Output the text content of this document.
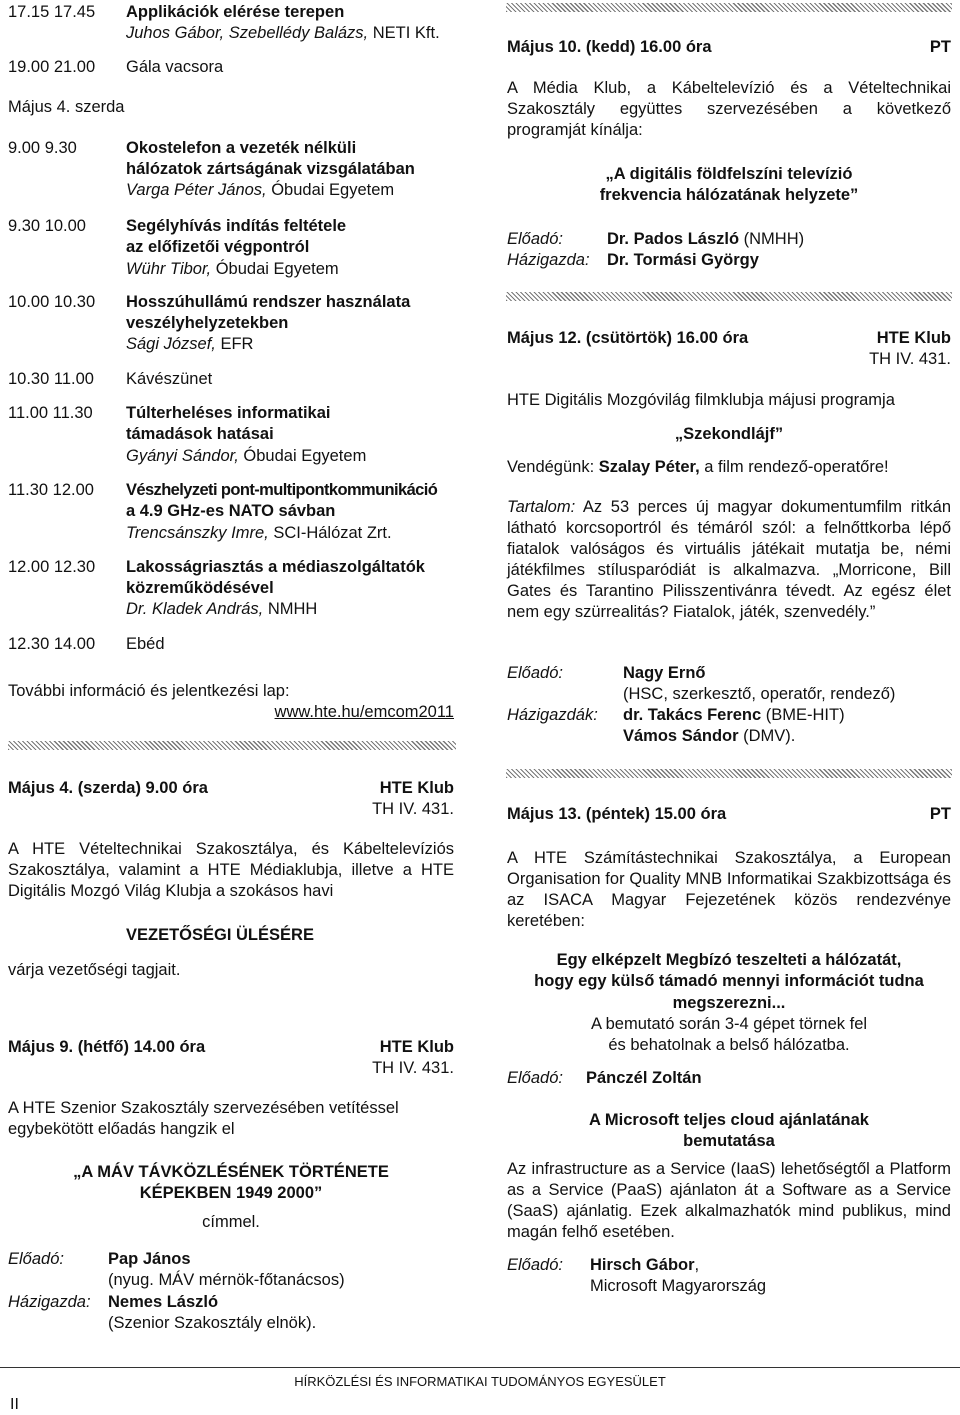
17.15 17.45 Applikációk elérése terepen
Juhos Gábor, Szebellédy Balázs, NETI Kft.
19.00 21.00 Gála vacsora
Május 4. szerda
9.00 9.30	Okostelefon a vezeték nélküli
hálózatok zártságának vizsgálatában
Varga Péter János, Óbudai Egyetem
9.30 10.00 Segélyhívás indítás feltétele
az előfizetői végpontról
Wühr Tibor, Óbudai Egyetem
10.00 10.30 Hosszúhullámú rendszer használata
veszélyhelyzetekben
Sági József, EFR
10.30 11.00 Kávészünet
11.00 11.30 Túlterheléses informatikai
támadások hatásai
Gyányi Sándor, Óbudai Egyetem
11.30 12.00 Vészhelyzeti pont-multipontkommunikáció
a 4.9 GHz-es NATO sávban
Trencsánszky Imre, SCI-Hálózat Zrt.
12.00 12.30 Lakosságriasztás a médiaszolgáltatók
közreműködésével
Dr. Kladek András, NMHH
12.30 14.00 Ebéd
További információ és jelentkezési lap:
www.hte.hu/emcom2011
Május 4. (szerda) 9.00 óra	HTE Klub
TH IV. 431.
A HTE Vételtechnikai Szakosztálya, és Kábeltelevíziós Szakosztálya, valamint a HTE Médiaklubja, illetve a HTE Digitális Mozgó Világ Klubja a szokásos havi
VEZETŐSÉGI ÜLÉSÉRE
várja vezetőségi tagjait.
Május 9. (hétfő) 14.00 óra	HTE Klub
TH IV. 431.
A HTE Szenior Szakosztály szervezésében vetítéssel
egybekötött előadás hangzik el
„A MÁV TÁVKÖZLÉSÉNEK TÖRTÉNETE
KÉPEKBEN 1949 2000”
címmel.
Előadó:	Pap János
(nyug. MÁV mérnök-főtanácsos)
Házigazda: Nemes László
(Szenior Szakosztály elnök).
Május 10. (kedd) 16.00 óra	PT
A Média Klub, a Kábeltelevízió és a Vételtechnikai Szakosztály együttes szervezésében a következő programját kínálja:
„A digitális földfelszíni televízió
frekvencia hálózatának helyzete”
Előadó:	Dr. Pados László (NMHH)
Házigazda: Dr. Tormási György
Május 12. (csütörtök) 16.00 óra	HTE Klub
TH IV. 431.
HTE Digitális Mozgóvilág filmklubja májusi programja
„Szekondlájf”
Vendégünk: Szalay Péter, a film rendező-operatőre!
Tartalom: Az 53 perces új magyar dokumentumfilm ritkán látható korcsoportról és témáról szól: a felnőttkorba lépő fiatalok valóságos és virtuális játékait mutatja be, némi játékfilmes stílusparódiát is alkalmazva. „Morricone, Bill Gates és Tarantino Pilisszentivánra tévedt. Az egész élet nem egy szürrealitás? Fiatalok, játék, szenvedély.”
Előadó:	Nagy Ernő
(HSC, szerkesztő, operatőr, rendező)
Házigazdák: dr. Takács Ferenc (BME-HIT)
Vámos Sándor (DMV).
Május 13. (péntek) 15.00 óra	PT
A HTE Számítástechnikai Szakosztálya, a European Organisation for Quality MNB Informatikai Szakbizottsága és az ISACA Magyar Fejezetének közös rendezvénye keretében:
Egy elképzelt Megbízó teszelteti a hálózatát,
hogy egy külső támadó mennyi információt tudna
megszerezni...
A bemutató során 3-4 gépet törnek fel
és behatolnak a belső hálózatba.
Előadó: Pánczél Zoltán
A Microsoft teljes cloud ajánlatának
bemutatása
Az infrastructure as a Service (IaaS) lehetőségtől a Platform as a Service (PaaS) ajánlaton át a Software as a Service (SaaS) ajánlatig. Ezek alkalmazhatók mind publikus, mind magán felhő esetében.
Előadó: Hirsch Gábor,
Microsoft Magyarország
HÍRKÖZLÉSI ÉS INFORMATIKAI TUDOMÁNYOS EGYESÜLET
II
